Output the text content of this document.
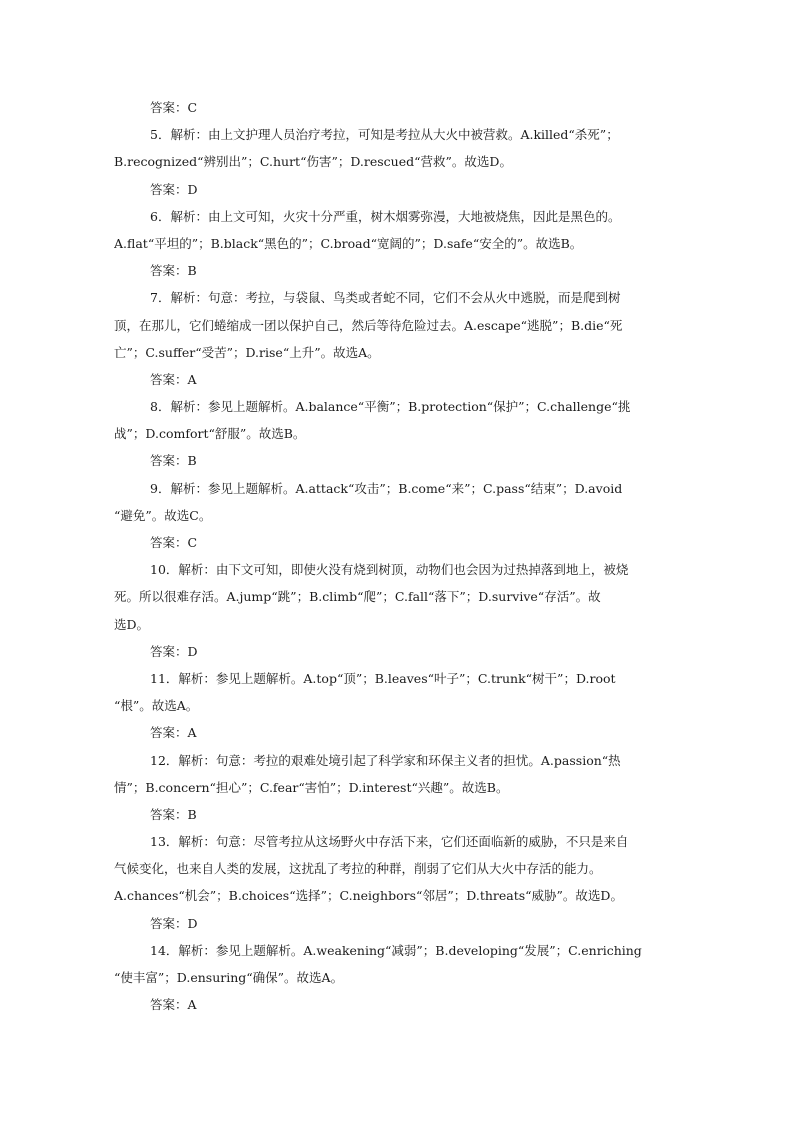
答案：C
5．解析：由上文护理人员治疗考拉，可知是考拉从大火中被营救。A.killed“杀死”；
B.recognized“辨别出”；C.hurt“伤害”；D.rescued“营救”。故选D。
答案：D
6．解析：由上文可知，火灾十分严重，树木烟雾弥漫，大地被烧焦，因此是黑色的。
A.flat“平坦的”；B.black“黑色的”；C.broad“宽阔的”；D.safe“安全的”。故选B。
答案：B
7．解析：句意：考拉，与袋鼠、鸟类或者蛇不同，它们不会从火中逃脱，而是爬到树
顶，在那儿，它们蜷缩成一团以保护自己，然后等待危险过去。A.escape“逃脱”；B.die“死
亡”；C.suffer“受苦”；D.rise“上升”。故选A。
答案：A
8．解析：参见上题解析。A.balance“平衡”；B.protection“保护”；C.challenge“挑
战”；D.comfort“舒服”。故选B。
答案：B
9．解析：参见上题解析。A.attack“攻击”；B.come“来”；C.pass“结束”；D.avoid
“避免”。故选C。
答案：C
10．解析：由下文可知，即使火没有烧到树顶，动物们也会因为过热掉落到地上，被烧
死。所以很难存活。A.jump“跳”；B.climb“爬”；C.fall“落下”；D.survive“存活”。故
选D。
答案：D
11．解析：参见上题解析。A.top“顶”；B.leaves“叶子”；C.trunk“树干”；D.root
“根”。故选A。
答案：A
12．解析：句意：考拉的艰难处境引起了科学家和环保主义者的担忧。A.passion“热
情”；B.concern“担心”；C.fear“害怕”；D.interest“兴趣”。故选B。
答案：B
13．解析：句意：尽管考拉从这场野火中存活下来，它们还面临新的威胁，不只是来自
气候变化，也来自人类的发展，这扰乱了考拉的种群，削弱了它们从大火中存活的能力。
A.chances“机会”；B.choices“选择”；C.neighbors“邻居”；D.threats“威胁”。故选D。
答案：D
14．解析：参见上题解析。A.weakening“减弱”；B.developing“发展”；C.enriching
“使丰富”；D.ensuring“确保”。故选A。
答案：A
